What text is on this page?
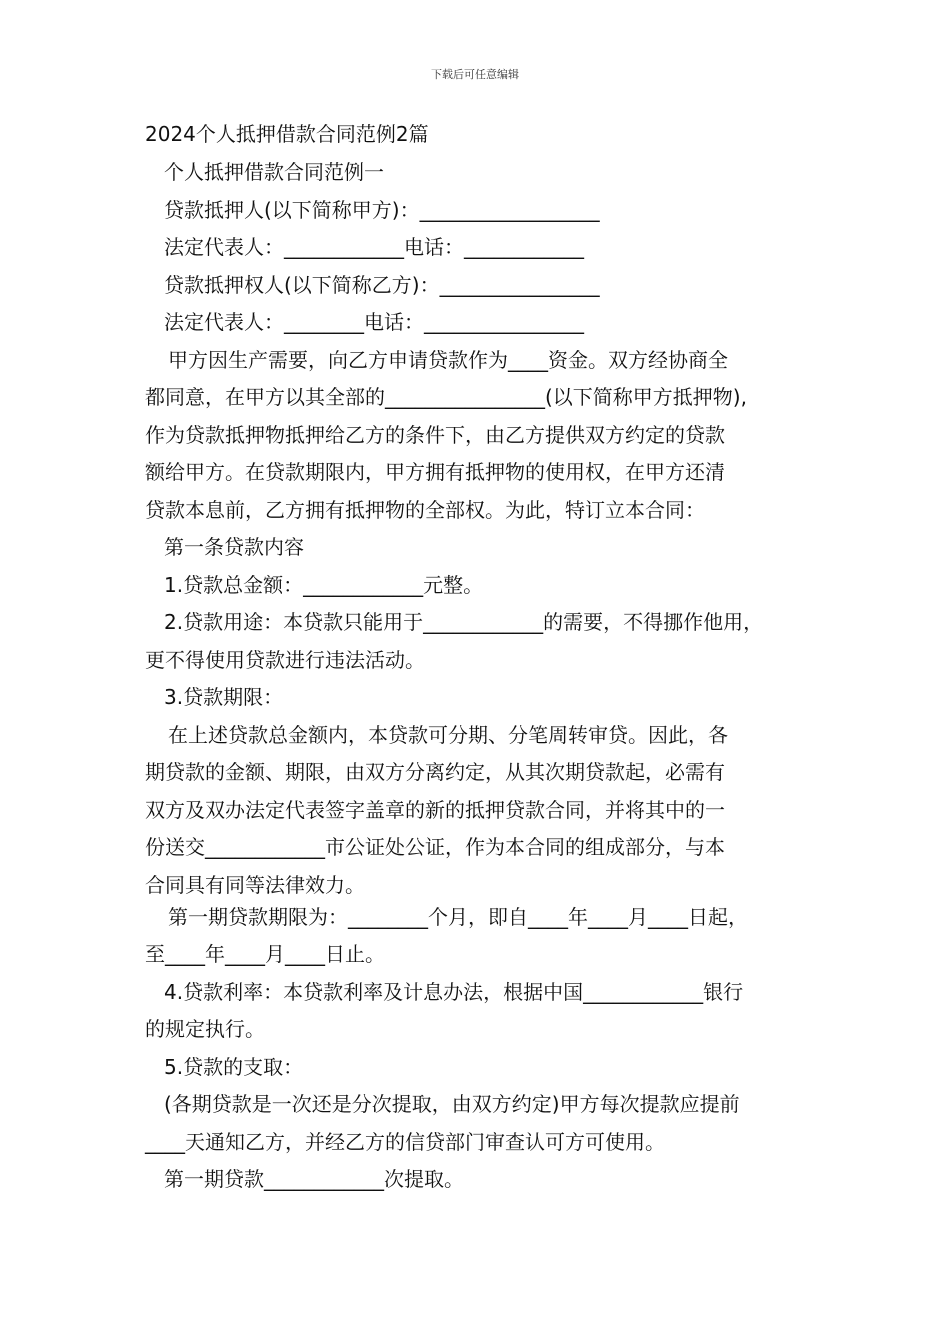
下载后可任意编辑
2024个人抵押借款合同范例2篇
个人抵押借款合同范例一
贷款抵押人(以下简称甲方)：__________________
法定代表人：____________电话：____________
贷款抵押权人(以下简称乙方)：________________
法定代表人：________电话：________________
甲方因生产需要，向乙方申请贷款作为____资金。双方经协商全
都同意，在甲方以其全部的________________(以下简称甲方抵押物),
作为贷款抵押物抵押给乙方的条件下，由乙方提供双方约定的贷款
额给甲方。在贷款期限内，甲方拥有抵押物的使用权，在甲方还清
贷款本息前，乙方拥有抵押物的全部权。为此，特订立本合同：
第一条贷款内容
1.贷款总金额：____________元整。
2.贷款用途：本贷款只能用于____________的需要，不得挪作他用，
更不得使用贷款进行违法活动。
3.贷款期限：
在上述贷款总金额内，本贷款可分期、分笔周转审贷。因此，各
期贷款的金额、期限，由双方分离约定，从其次期贷款起，必需有
双方及双办法定代表签字盖章的新的抵押贷款合同，并将其中的一
份送交____________市公证处公证，作为本合同的组成部分，与本
合同具有同等法律效力。
第一期贷款期限为：________个月，即自____年____月____日起，
至____年____月____日止。
4.贷款利率：本贷款利率及计息办法，根据中国____________银行
的规定执行。
5.贷款的支取：
(各期贷款是一次还是分次提取，由双方约定)甲方每次提款应提前
____天通知乙方，并经乙方的信贷部门审查认可方可使用。
第一期贷款____________次提取。
